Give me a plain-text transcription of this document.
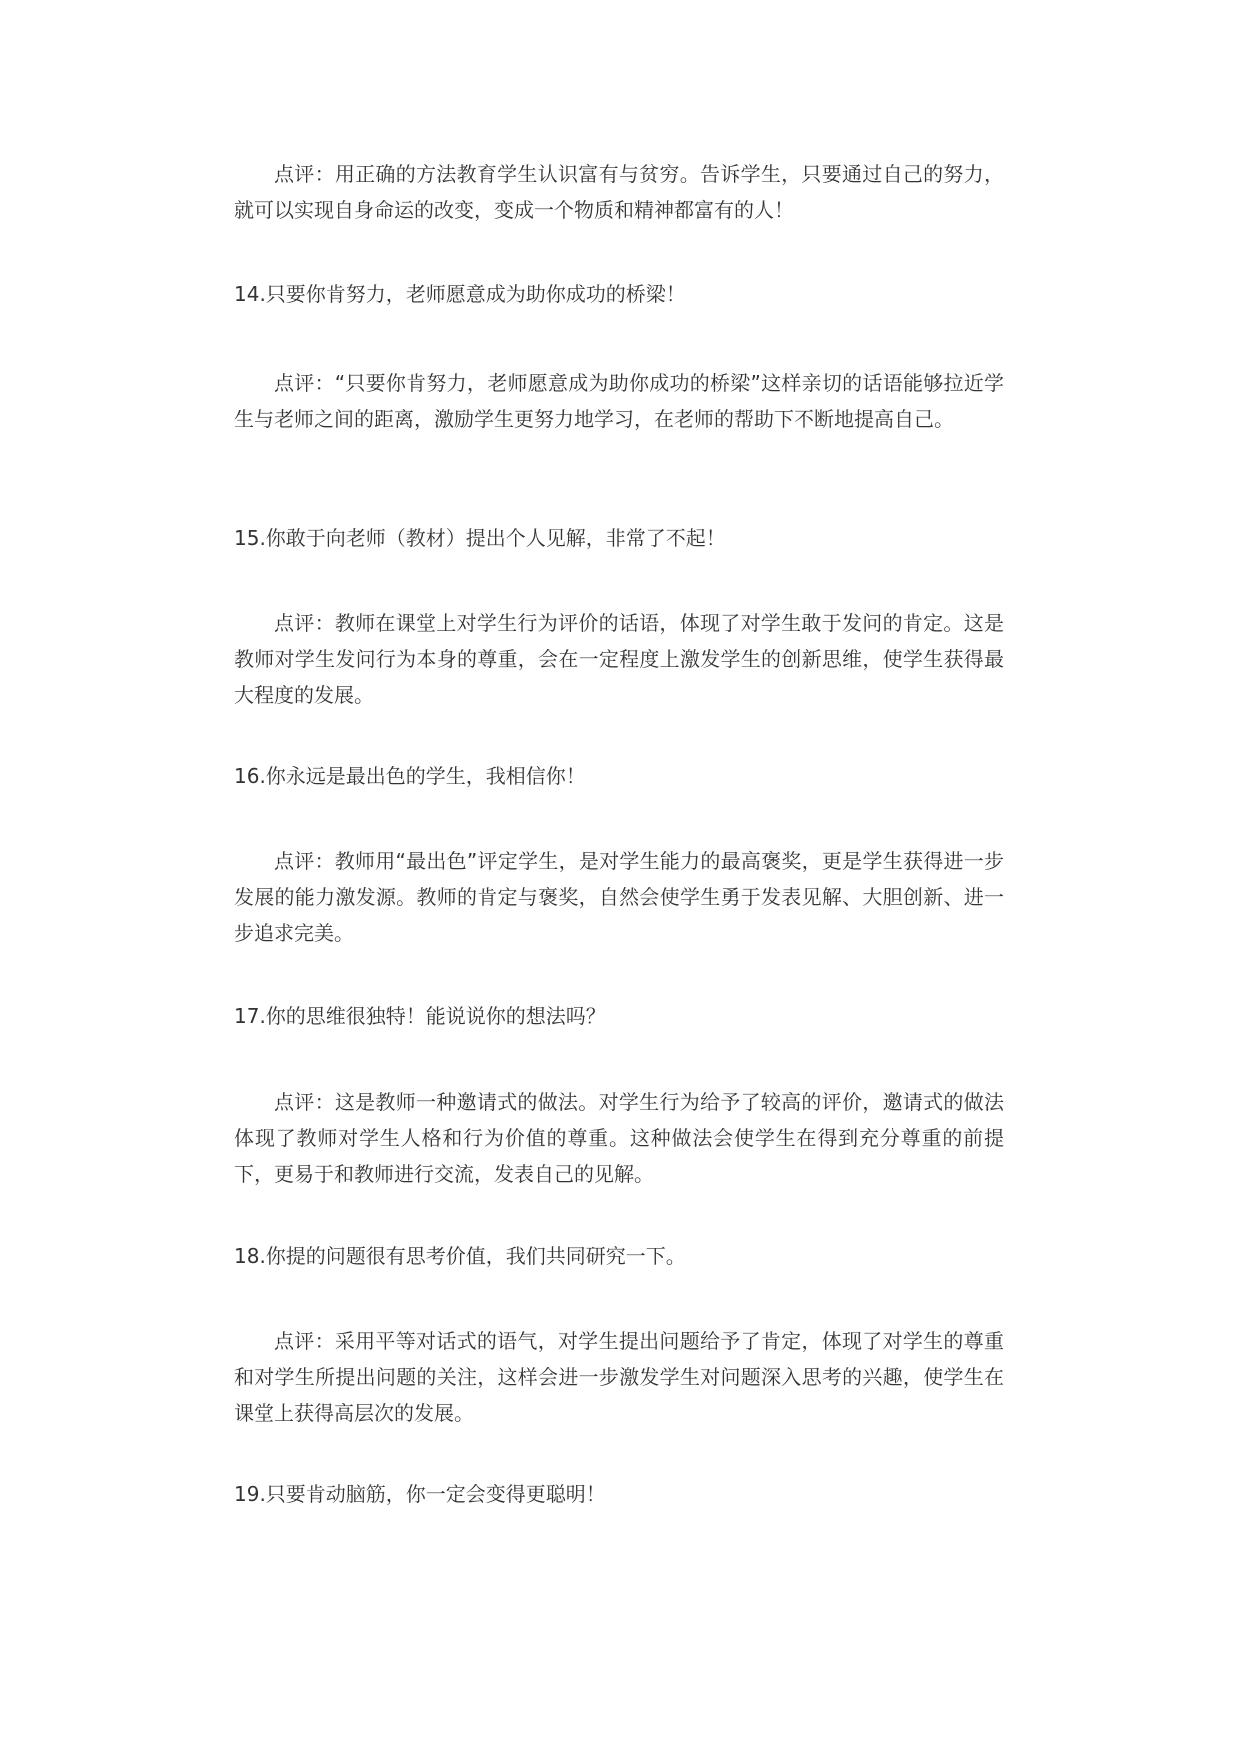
点评：用正确的方法教育学生认识富有与贫穷。告诉学生，只要通过自己的努力，就可以实现自身命运的改变，变成一个物质和精神都富有的人！

14.只要你肯努力，老师愿意成为助你成功的桥梁！

点评：“只要你肯努力，老师愿意成为助你成功的桥梁”这样亲切的话语能够拉近学生与老师之间的距离，激励学生更努力地学习，在老师的帮助下不断地提高自己。

15.你敢于向老师（教材）提出个人见解，非常了不起！

点评：教师在课堂上对学生行为评价的话语，体现了对学生敢于发问的肯定。这是教师对学生发问行为本身的尊重，会在一定程度上激发学生的创新思维，使学生获得最大程度的发展。

16.你永远是最出色的学生，我相信你！

点评：教师用“最出色”评定学生，是对学生能力的最高褒奖，更是学生获得进一步发展的能力激发源。教师的肯定与褒奖，自然会使学生勇于发表见解、大胆创新、进一步追求完美。

17.你的思维很独特！能说说你的想法吗？

点评：这是教师一种邀请式的做法。对学生行为给予了较高的评价，邀请式的做法体现了教师对学生人格和行为价值的尊重。这种做法会使学生在得到充分尊重的前提下，更易于和教师进行交流，发表自己的见解。

18.你提的问题很有思考价值，我们共同研究一下。

点评：采用平等对话式的语气，对学生提出问题给予了肯定，体现了对学生的尊重和对学生所提出问题的关注，这样会进一步激发学生对问题深入思考的兴趣，使学生在课堂上获得高层次的发展。

19.只要肯动脑筋，你一定会变得更聪明！
